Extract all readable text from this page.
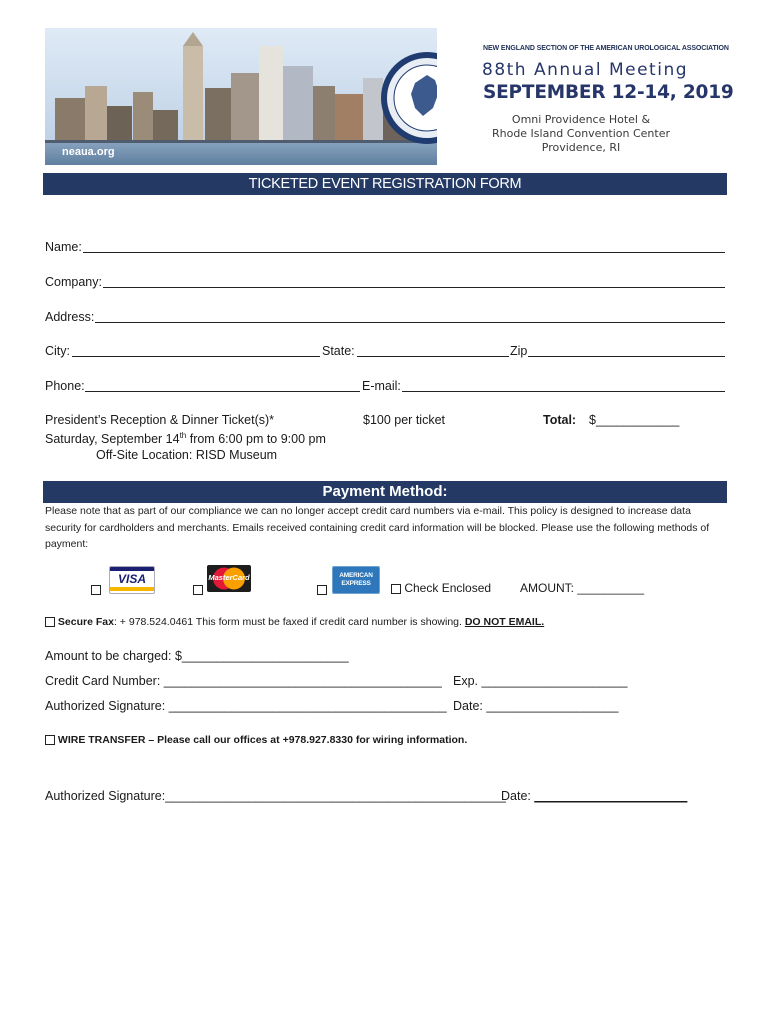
neaua.org
NEW ENGLAND SECTION OF THE AMERICAN UROLOGICAL ASSOCIATION
88th Annual Meeting
SEPTEMBER 12-14, 2019
Omni Providence Hotel &
Rhode Island Convention Center
Providence, RI
TICKETED EVENT REGISTRATION FORM
Name:
Company:
Address:
City:	State:	Zip
Phone:	E-mail:
President’s Reception & Dinner Ticket(s)*
Saturday, September 14th from 6:00 pm to 9:00 pm
Off-Site Location: RISD Museum
$100 per ticket	Total: $____________
Payment Method:
Please note that as part of our compliance we can no longer accept credit card numbers via e-mail. This policy is designed to increase data security for cardholders and merchants. Emails received containing credit card information will be blocked. Please use the following methods of payment:
VISA	MasterCard	AMERICAN EXPRESS	Check Enclosed AMOUNT: __________
Secure Fax: + 978.524.0461 This form must be faxed if credit card number is showing. DO NOT EMAIL.
Amount to be charged: $________________________
Credit Card Number: ________________________________________ Exp. _____________________
Authorized Signature: ________________________________________ Date: ___________________
WIRE TRANSFER – Please call our offices at +978.927.8330 for wiring information.
Authorized Signature:_________________________________________________
Date: ______________________
